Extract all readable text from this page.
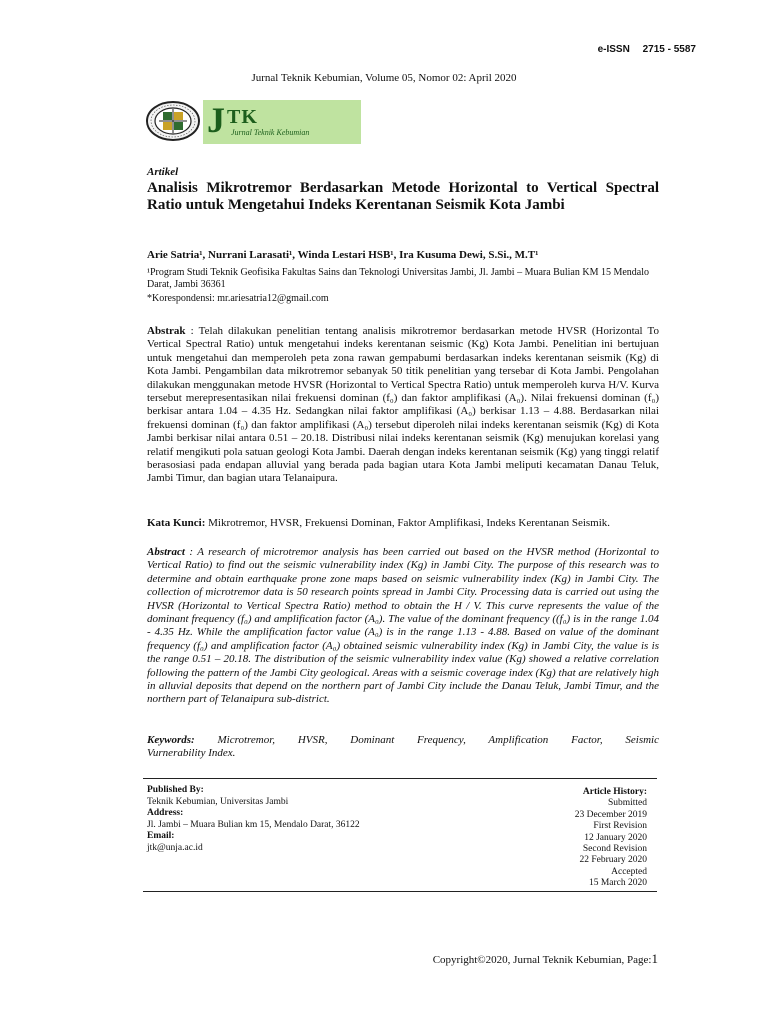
e-ISSN 2715 - 5587
Jurnal Teknik Kebumian, Volume 05, Nomor 02: April 2020
J TK
Jurnal Teknik Kebumian
Artikel
Analisis Mikrotremor Berdasarkan Metode Horizontal to Vertical Spectral Ratio untuk Mengetahui Indeks Kerentanan Seismik Kota Jambi
Arie Satria¹, Nurrani Larasati¹, Winda Lestari HSB¹, Ira Kusuma Dewi, S.Si., M.T¹
¹Program Studi Teknik Geofisika Fakultas Sains dan Teknologi Universitas Jambi, Jl. Jambi – Muara Bulian KM 15 Mendalo Darat, Jambi 36361
*Korespondensi: mr.ariesatria12@gmail.com
Abstrak : Telah dilakukan penelitian tentang analisis mikrotremor berdasarkan metode HVSR (Horizontal To Vertical Spectral Ratio) untuk mengetahui indeks kerentanan seismic (Kg) Kota Jambi. Penelitian ini bertujuan untuk mengetahui dan memperoleh peta zona rawan gempabumi berdasarkan indeks kerentanan seismik (Kg) di Kota Jambi. Pengambilan data mikrotremor sebanyak 50 titik penelitian yang tersebar di Kota Jambi. Pengolahan dilakukan menggunakan metode HVSR (Horizontal to Vertical Spectra Ratio) untuk memperoleh kurva H/V. Kurva tersebut merepresentasikan nilai frekuensi dominan (f₀) dan faktor amplifikasi (A₀). Nilai frekuensi dominan (f₀) berkisar antara 1.04 – 4.35 Hz. Sedangkan nilai faktor amplifikasi (A₀) berkisar 1.13 – 4.88. Berdasarkan nilai frekuensi dominan (f₀) dan faktor amplifikasi (A₀) tersebut diperoleh nilai indeks kerentanan seismik (Kg) di Kota Jambi berkisar nilai antara 0.51 – 20.18. Distribusi nilai indeks kerentanan seismik (Kg) menujukan korelasi yang relatif mengikuti pola satuan geologi Kota Jambi. Daerah dengan indeks kerentanan seismik (Kg) yang tinggi relatif berasosiasi pada endapan alluvial yang berada pada bagian utara Kota Jambi meliputi kecamatan Danau Teluk, Jambi Timur, dan bagian utara Telanaipura.
Kata Kunci: Mikrotremor, HVSR, Frekuensi Dominan, Faktor Amplifikasi, Indeks Kerentanan Seismik.
Abstract : A research of microtremor analysis has been carried out based on the HVSR method (Horizontal to Vertical Ratio) to find out the seismic vulnerability index (Kg) in Jambi City. The purpose of this research was to determine and obtain earthquake prone zone maps based on seismic vulnerability index (Kg) in Jambi City. The collection of microtremor data is 50 research points spread in Jambi City. Processing data is carried out using the HVSR (Horizontal to Vertical Spectra Ratio) method to obtain the H / V. This curve represents the value of the dominant frequency (f₀) and amplification factor (A₀). The value of the dominant frequency ((f₀) is in the range 1.04 - 4.35 Hz. While the amplification factor value (A₀) is in the range 1.13 - 4.88. Based on value of the dominant frequency (f₀) and amplification factor (A₀) obtained seismic vulnerability index (Kg) in Jambi City, the value is is the range 0.51 – 20.18. The distribution of the seismic vulnerability index value (Kg) showed a relative correlation following the pattern of the Jambi City geological. Areas with a seismic coverage index (Kg) that are relatively high in alluvial deposits that depend on the northern part of Jambi City include the Danau Teluk, Jambi Timur, and the northern part of Telanaipura sub-district.
Keywords: Microtremor, HVSR, Dominant Frequency, Amplification Factor, Seismic
Vurnerability Index.
Published By:
Teknik Kebumian, Universitas Jambi
Address:
Jl. Jambi – Muara Bulian km 15, Mendalo Darat, 36122
Email:
jtk@unja.ac.id
Article History:
Submitted
23 December 2019
First Revision
12 January 2020
Second Revision
22 February 2020
Accepted
15 March 2020
Copyright©2020, Jurnal Teknik Kebumian, Page:1
